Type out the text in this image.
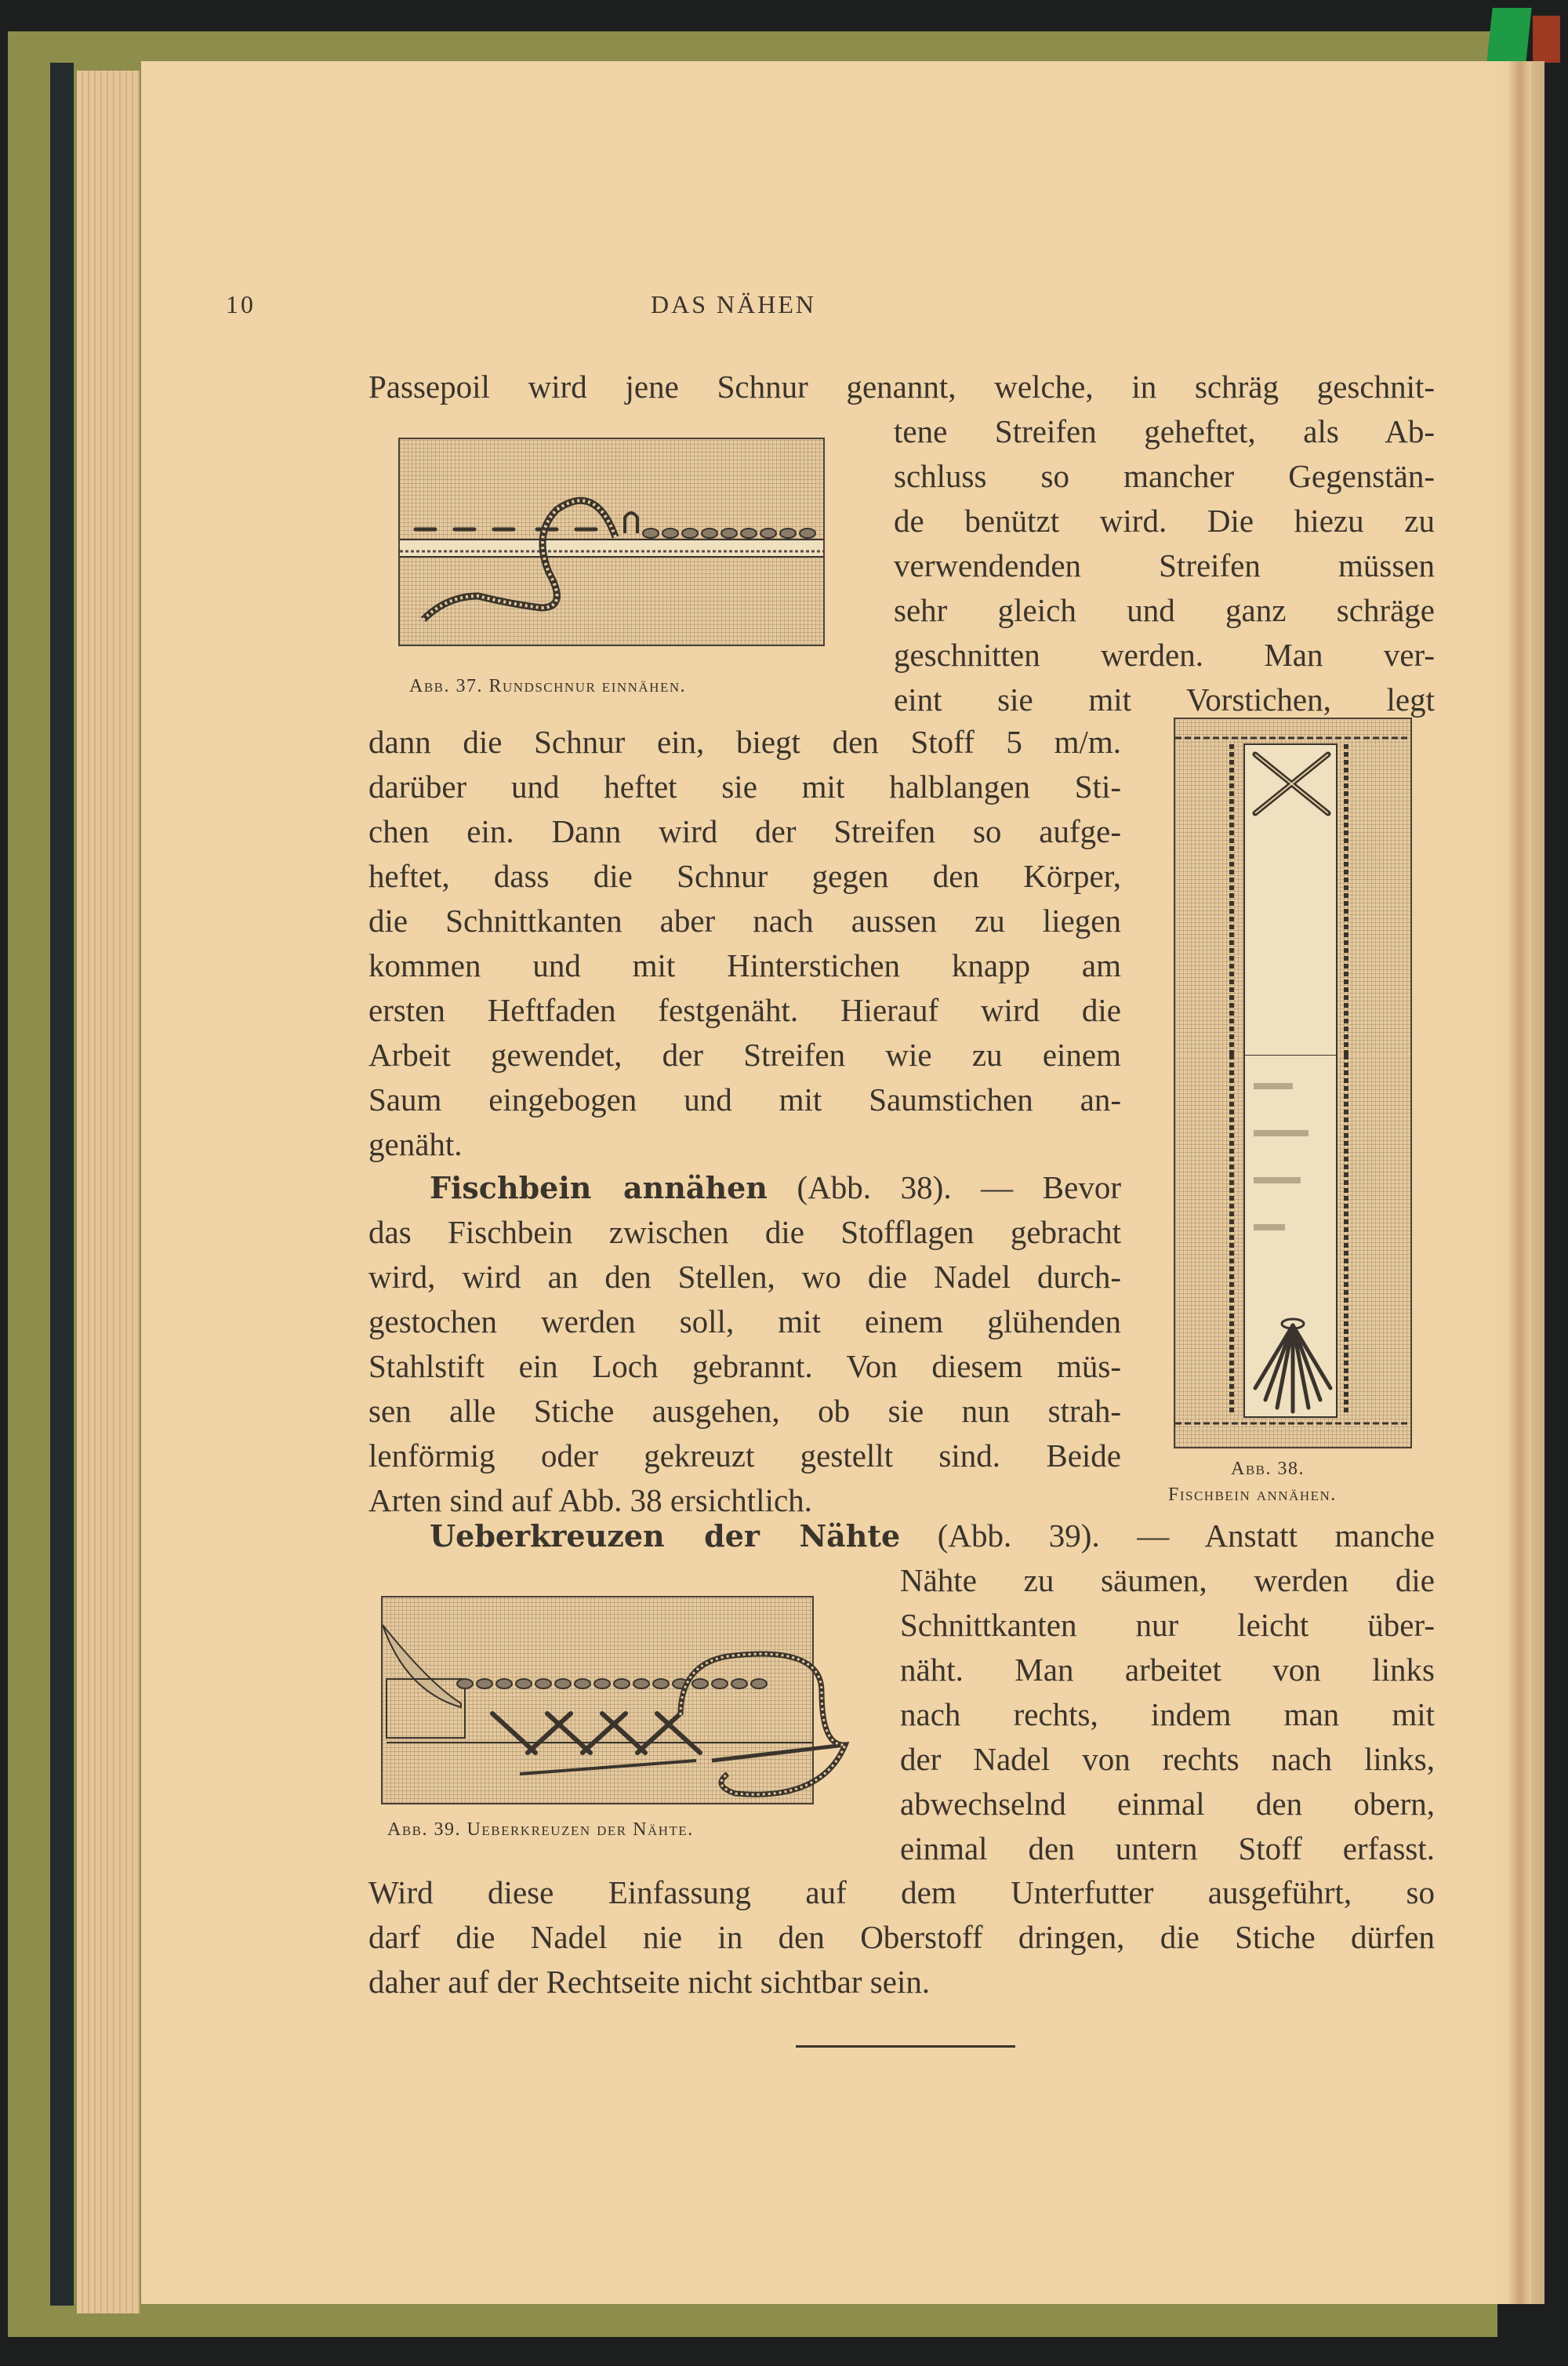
10	DAS NÄHEN
Passepoil wird jene Schnur genannt, welche, in schräg geschnit-
Abb. 37. Rundschnur einnähen.
tene Streifen geheftet, als Ab-
schluss so mancher Gegenstän-
de benützt wird. Die hiezu zu
verwendenden Streifen müssen
sehr gleich und ganz schräge
geschnitten werden. Man ver-
eint sie mit Vorstichen, legt
dann die Schnur ein, biegt den Stoff 5 m/m.
darüber und heftet sie mit halblangen Sti-
chen ein. Dann wird der Streifen so aufge-
heftet, dass die Schnur gegen den Körper,
die Schnittkanten aber nach aussen zu liegen
kommen und mit Hinterstichen knapp am
ersten Heftfaden festgenäht. Hierauf wird die
Arbeit gewendet, der Streifen wie zu einem
Saum eingebogen und mit Saumstichen an-
genäht.
Fischbein annähen (Abb. 38). — Bevor
das Fischbein zwischen die Stofflagen gebracht
wird, wird an den Stellen, wo die Nadel durch-
gestochen werden soll, mit einem glühenden
Stahlstift ein Loch gebrannt. Von diesem müs-
sen alle Stiche ausgehen, ob sie nun strah-
lenförmig oder gekreuzt gestellt sind. Beide
Arten sind auf Abb. 38 ersichtlich.
Abb. 38.
Fischbein annähen.
Ueberkreuzen der Nähte (Abb. 39). — Anstatt manche
Nähte zu säumen, werden die
Schnittkanten nur leicht über-
näht. Man arbeitet von links
nach rechts, indem man mit
der Nadel von rechts nach links,
abwechselnd einmal den obern,
einmal den untern Stoff erfasst.
Abb. 39. Ueberkreuzen der Nähte.
Wird diese Einfassung auf dem Unterfutter ausgeführt, so
darf die Nadel nie in den Oberstoff dringen, die Stiche dürfen
daher auf der Rechtseite nicht sichtbar sein.
